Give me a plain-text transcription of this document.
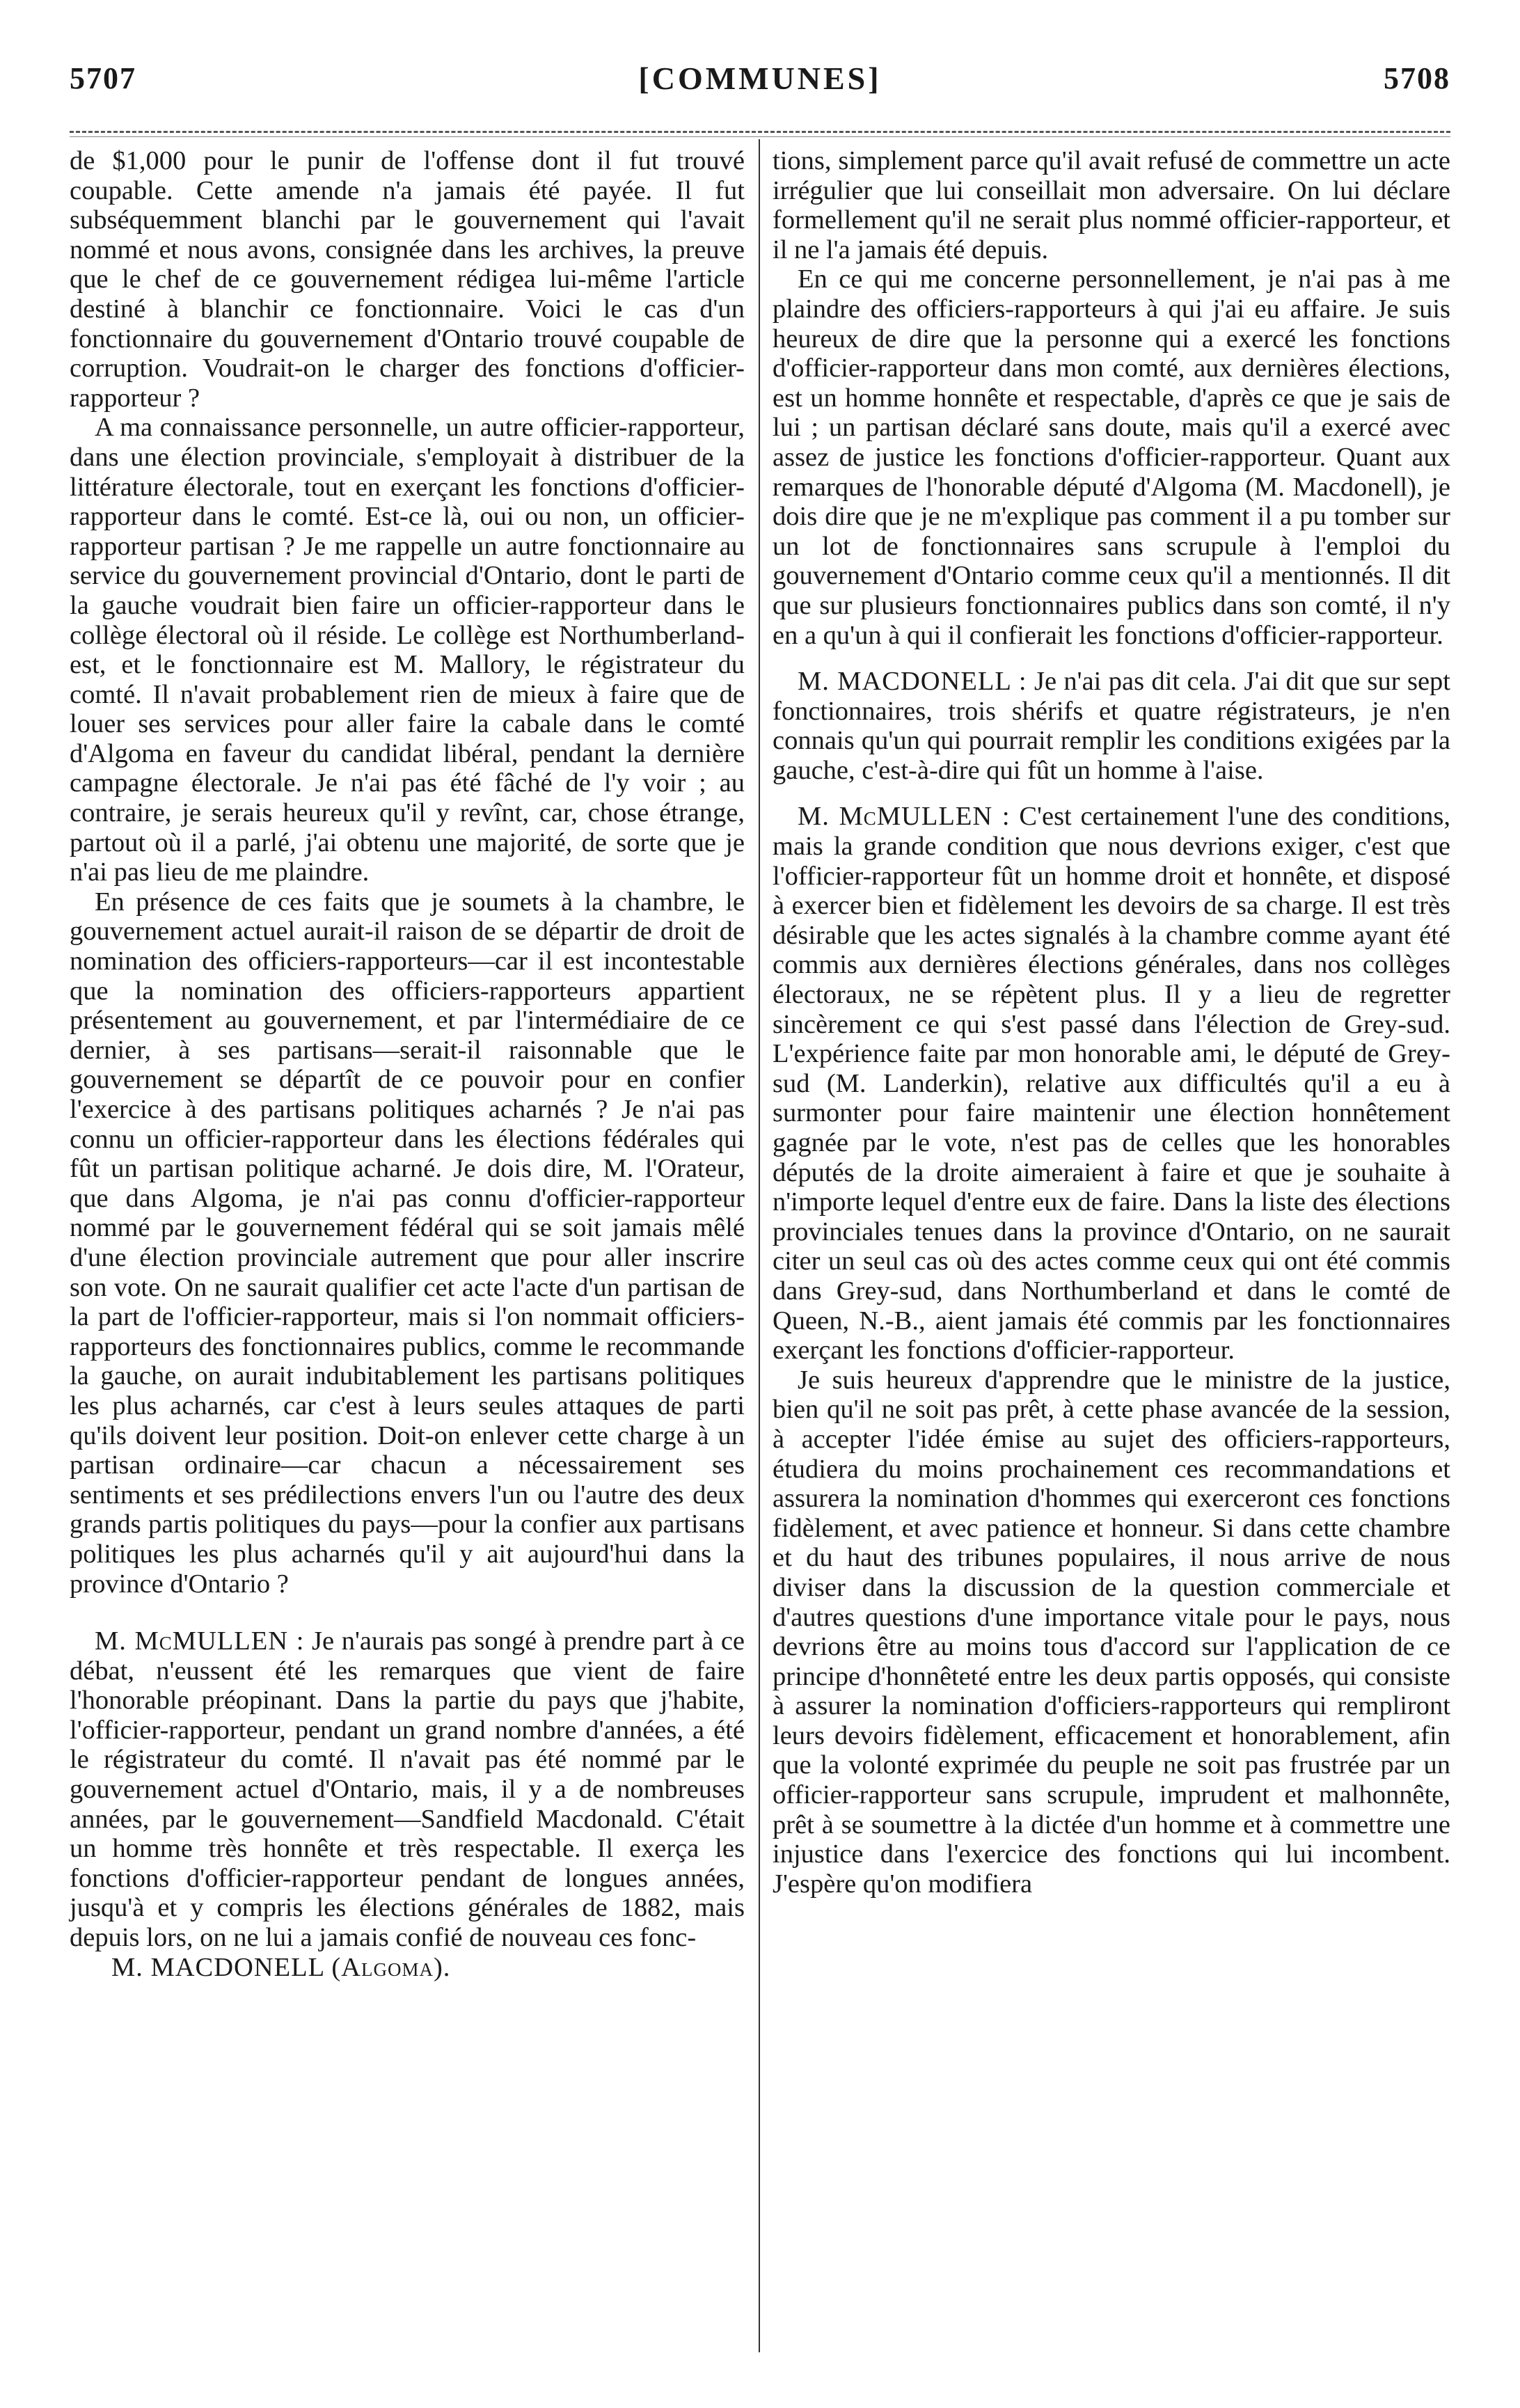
5707	[COMMUNES]	5708

de $1,000 pour le punir de l'offense dont il fut trouvé coupable. Cette amende n'a jamais été payée. Il fut subséquemment blanchi par le gouvernement qui l'avait nommé et nous avons, consignée dans les archives, la preuve que le chef de ce gouvernement rédigea lui-même l'article destiné à blanchir ce fonctionnaire. Voici le cas d'un fonctionnaire du gouvernement d'Ontario trouvé coupable de corruption. Voudrait-on le charger des fonctions d'officier-rapporteur ?

A ma connaissance personnelle, un autre officier-rapporteur, dans une élection provinciale, s'employait à distribuer de la littérature électorale, tout en exerçant les fonctions d'officier-rapporteur dans le comté. Est-ce là, oui ou non, un officier-rapporteur partisan ? Je me rappelle un autre fonctionnaire au service du gouvernement provincial d'Ontario, dont le parti de la gauche voudrait bien faire un officier-rapporteur dans le collège électoral où il réside. Le collège est Northumberland-est, et le fonctionnaire est M. Mallory, le régistrateur du comté. Il n'avait probablement rien de mieux à faire que de louer ses services pour aller faire la cabale dans le comté d'Algoma en faveur du candidat libéral, pendant la dernière campagne électorale. Je n'ai pas été fâché de l'y voir ; au contraire, je serais heureux qu'il y revînt, car, chose étrange, partout où il a parlé, j'ai obtenu une majorité, de sorte que je n'ai pas lieu de me plaindre.

En présence de ces faits que je soumets à la chambre, le gouvernement actuel aurait-il raison de se départir de droit de nomination des officiers-rapporteurs—car il est incontestable que la nomination des officiers-rapporteurs appartient présentement au gouvernement, et par l'intermédiaire de ce dernier, à ses partisans—serait-il raisonnable que le gouvernement se départît de ce pouvoir pour en confier l'exercice à des partisans politiques acharnés ? Je n'ai pas connu un officier-rapporteur dans les élections fédérales qui fût un partisan politique acharné. Je dois dire, M. l'Orateur, que dans Algoma, je n'ai pas connu d'officier-rapporteur nommé par le gouvernement fédéral qui se soit jamais mêlé d'une élection provinciale autrement que pour aller inscrire son vote. On ne saurait qualifier cet acte l'acte d'un partisan de la part de l'officier-rapporteur, mais si l'on nommait officiers-rapporteurs des fonctionnaires publics, comme le recommande la gauche, on aurait indubitablement les partisans politiques les plus acharnés, car c'est à leurs seules attaques de parti qu'ils doivent leur position. Doit-on enlever cette charge à un partisan ordinaire—car chacun a nécessairement ses sentiments et ses prédilections envers l'un ou l'autre des deux grands partis politiques du pays—pour la confier aux partisans politiques les plus acharnés qu'il y ait aujourd'hui dans la province d'Ontario ?

M. McMULLEN : Je n'aurais pas songé à prendre part à ce débat, n'eussent été les remarques que vient de faire l'honorable préopinant. Dans la partie du pays que j'habite, l'officier-rapporteur, pendant un grand nombre d'années, a été le régistrateur du comté. Il n'avait pas été nommé par le gouvernement actuel d'Ontario, mais, il y a de nombreuses années, par le gouvernement—Sandfield Macdonald. C'était un homme très honnête et très respectable. Il exerça les fonctions d'officier-rapporteur pendant de longues années, jusqu'à et y compris les élections générales de 1882, mais depuis lors, on ne lui a jamais confié de nouveau ces fonc-

M. MACDONELL (Algoma).

tions, simplement parce qu'il avait refusé de commettre un acte irrégulier que lui conseillait mon adversaire. On lui déclare formellement qu'il ne serait plus nommé officier-rapporteur, et il ne l'a jamais été depuis.

En ce qui me concerne personnellement, je n'ai pas à me plaindre des officiers-rapporteurs à qui j'ai eu affaire. Je suis heureux de dire que la personne qui a exercé les fonctions d'officier-rapporteur dans mon comté, aux dernières élections, est un homme honnête et respectable, d'après ce que je sais de lui ; un partisan déclaré sans doute, mais qu'il a exercé avec assez de justice les fonctions d'officier-rapporteur. Quant aux remarques de l'honorable député d'Algoma (M. Macdonell), je dois dire que je ne m'explique pas comment il a pu tomber sur un lot de fonctionnaires sans scrupule à l'emploi du gouvernement d'Ontario comme ceux qu'il a mentionnés. Il dit que sur plusieurs fonctionnaires publics dans son comté, il n'y en a qu'un à qui il confierait les fonctions d'officier-rapporteur.

M. MACDONELL : Je n'ai pas dit cela. J'ai dit que sur sept fonctionnaires, trois shérifs et quatre régistrateurs, je n'en connais qu'un qui pourrait remplir les conditions exigées par la gauche, c'est-à-dire qui fût un homme à l'aise.

M. McMULLEN : C'est certainement l'une des conditions, mais la grande condition que nous devrions exiger, c'est que l'officier-rapporteur fût un homme droit et honnête, et disposé à exercer bien et fidèlement les devoirs de sa charge. Il est très désirable que les actes signalés à la chambre comme ayant été commis aux dernières élections générales, dans nos collèges électoraux, ne se répètent plus. Il y a lieu de regretter sincèrement ce qui s'est passé dans l'élection de Grey-sud. L'expérience faite par mon honorable ami, le député de Grey-sud (M. Landerkin), relative aux difficultés qu'il a eu à surmonter pour faire maintenir une élection honnêtement gagnée par le vote, n'est pas de celles que les honorables députés de la droite aimeraient à faire et que je souhaite à n'importe lequel d'entre eux de faire. Dans la liste des élections provinciales tenues dans la province d'Ontario, on ne saurait citer un seul cas où des actes comme ceux qui ont été commis dans Grey-sud, dans Northumberland et dans le comté de Queen, N.-B., aient jamais été commis par les fonctionnaires exerçant les fonctions d'officier-rapporteur.

Je suis heureux d'apprendre que le ministre de la justice, bien qu'il ne soit pas prêt, à cette phase avancée de la session, à accepter l'idée émise au sujet des officiers-rapporteurs, étudiera du moins prochainement ces recommandations et assurera la nomination d'hommes qui exerceront ces fonctions fidèlement, et avec patience et honneur. Si dans cette chambre et du haut des tribunes populaires, il nous arrive de nous diviser dans la discussion de la question commerciale et d'autres questions d'une importance vitale pour le pays, nous devrions être au moins tous d'accord sur l'application de ce principe d'honnêteté entre les deux partis opposés, qui consiste à assurer la nomination d'officiers-rapporteurs qui rempliront leurs devoirs fidèlement, efficacement et honorablement, afin que la volonté exprimée du peuple ne soit pas frustrée par un officier-rapporteur sans scrupule, imprudent et malhonnête, prêt à se soumettre à la dictée d'un homme et à commettre une injustice dans l'exercice des fonctions qui lui incombent. J'espère qu'on modifiera
